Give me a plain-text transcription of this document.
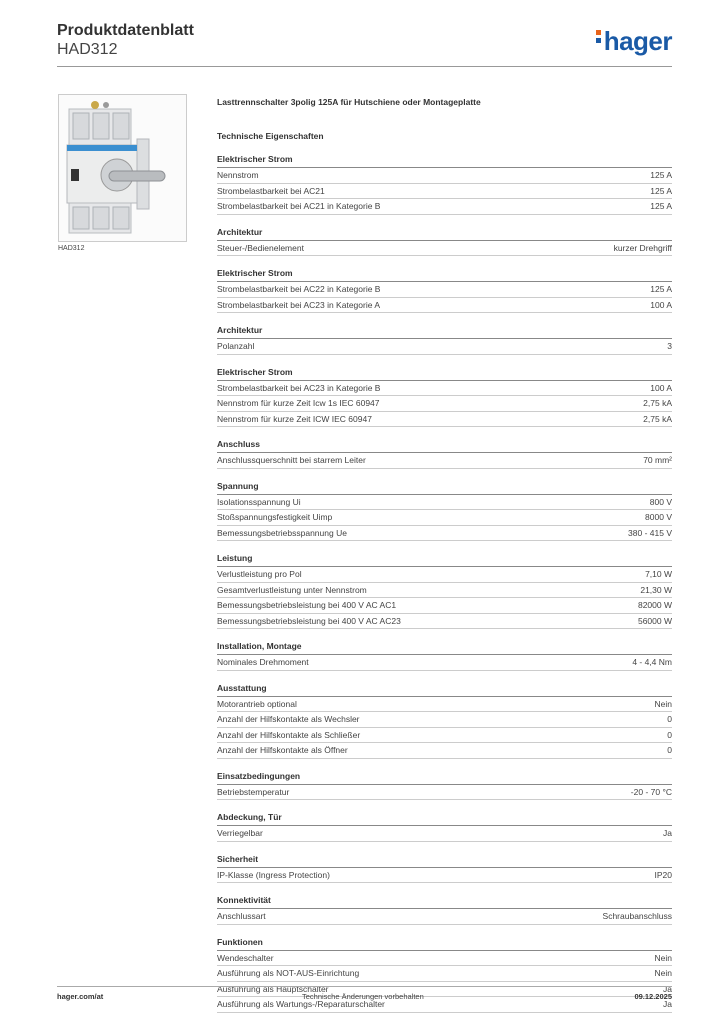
Produktdatenblatt
HAD312	hager
HAD312
Lasttrennschalter 3polig 125A für Hutschiene oder Montageplatte
Technische Eigenschaften
Elektrischer Strom
Nennstrom	125 A
Strombelastbarkeit bei AC21	125 A
Strombelastbarkeit bei AC21 in Kategorie B	125 A
Architektur
Steuer-/Bedienelement	kurzer Drehgriff
Elektrischer Strom
Strombelastbarkeit bei AC22 in Kategorie B	125 A
Strombelastbarkeit bei AC23 in Kategorie A	100 A
Architektur
Polanzahl	3
Elektrischer Strom
Strombelastbarkeit bei AC23 in Kategorie B	100 A
Nennstrom für kurze Zeit Icw 1s IEC 60947	2,75 kA
Nennstrom für kurze Zeit ICW IEC 60947	2,75 kA
Anschluss
Anschlussquerschnitt bei starrem Leiter	70 mm²
Spannung
Isolationsspannung Ui	800 V
Stoßspannungsfestigkeit Uimp	8000 V
Bemessungsbetriebsspannung Ue	380 - 415 V
Leistung
Verlustleistung pro Pol	7,10 W
Gesamtverlustleistung unter Nennstrom	21,30 W
Bemessungsbetriebsleistung bei 400 V AC AC1	82000 W
Bemessungsbetriebsleistung bei 400 V AC AC23	56000 W
Installation, Montage
Nominales Drehmoment	4 - 4,4 Nm
Ausstattung
Motorantrieb optional	Nein
Anzahl der Hilfskontakte als Wechsler	0
Anzahl der Hilfskontakte als Schließer	0
Anzahl der Hilfskontakte als Öffner	0
Einsatzbedingungen
Betriebstemperatur	-20 - 70 °C
Abdeckung, Tür
Verriegelbar	Ja
Sicherheit
IP-Klasse (Ingress Protection)	IP20
Konnektivität
Anschlussart	Schraubanschluss
Funktionen
Wendeschalter	Nein
Ausführung als NOT-AUS-Einrichtung	Nein
Ausführung als Hauptschalter	Ja
Ausführung als Wartungs-/Reparaturschalter	Ja
hager.com/at	Technische Änderungen vorbehalten	09.12.2025
